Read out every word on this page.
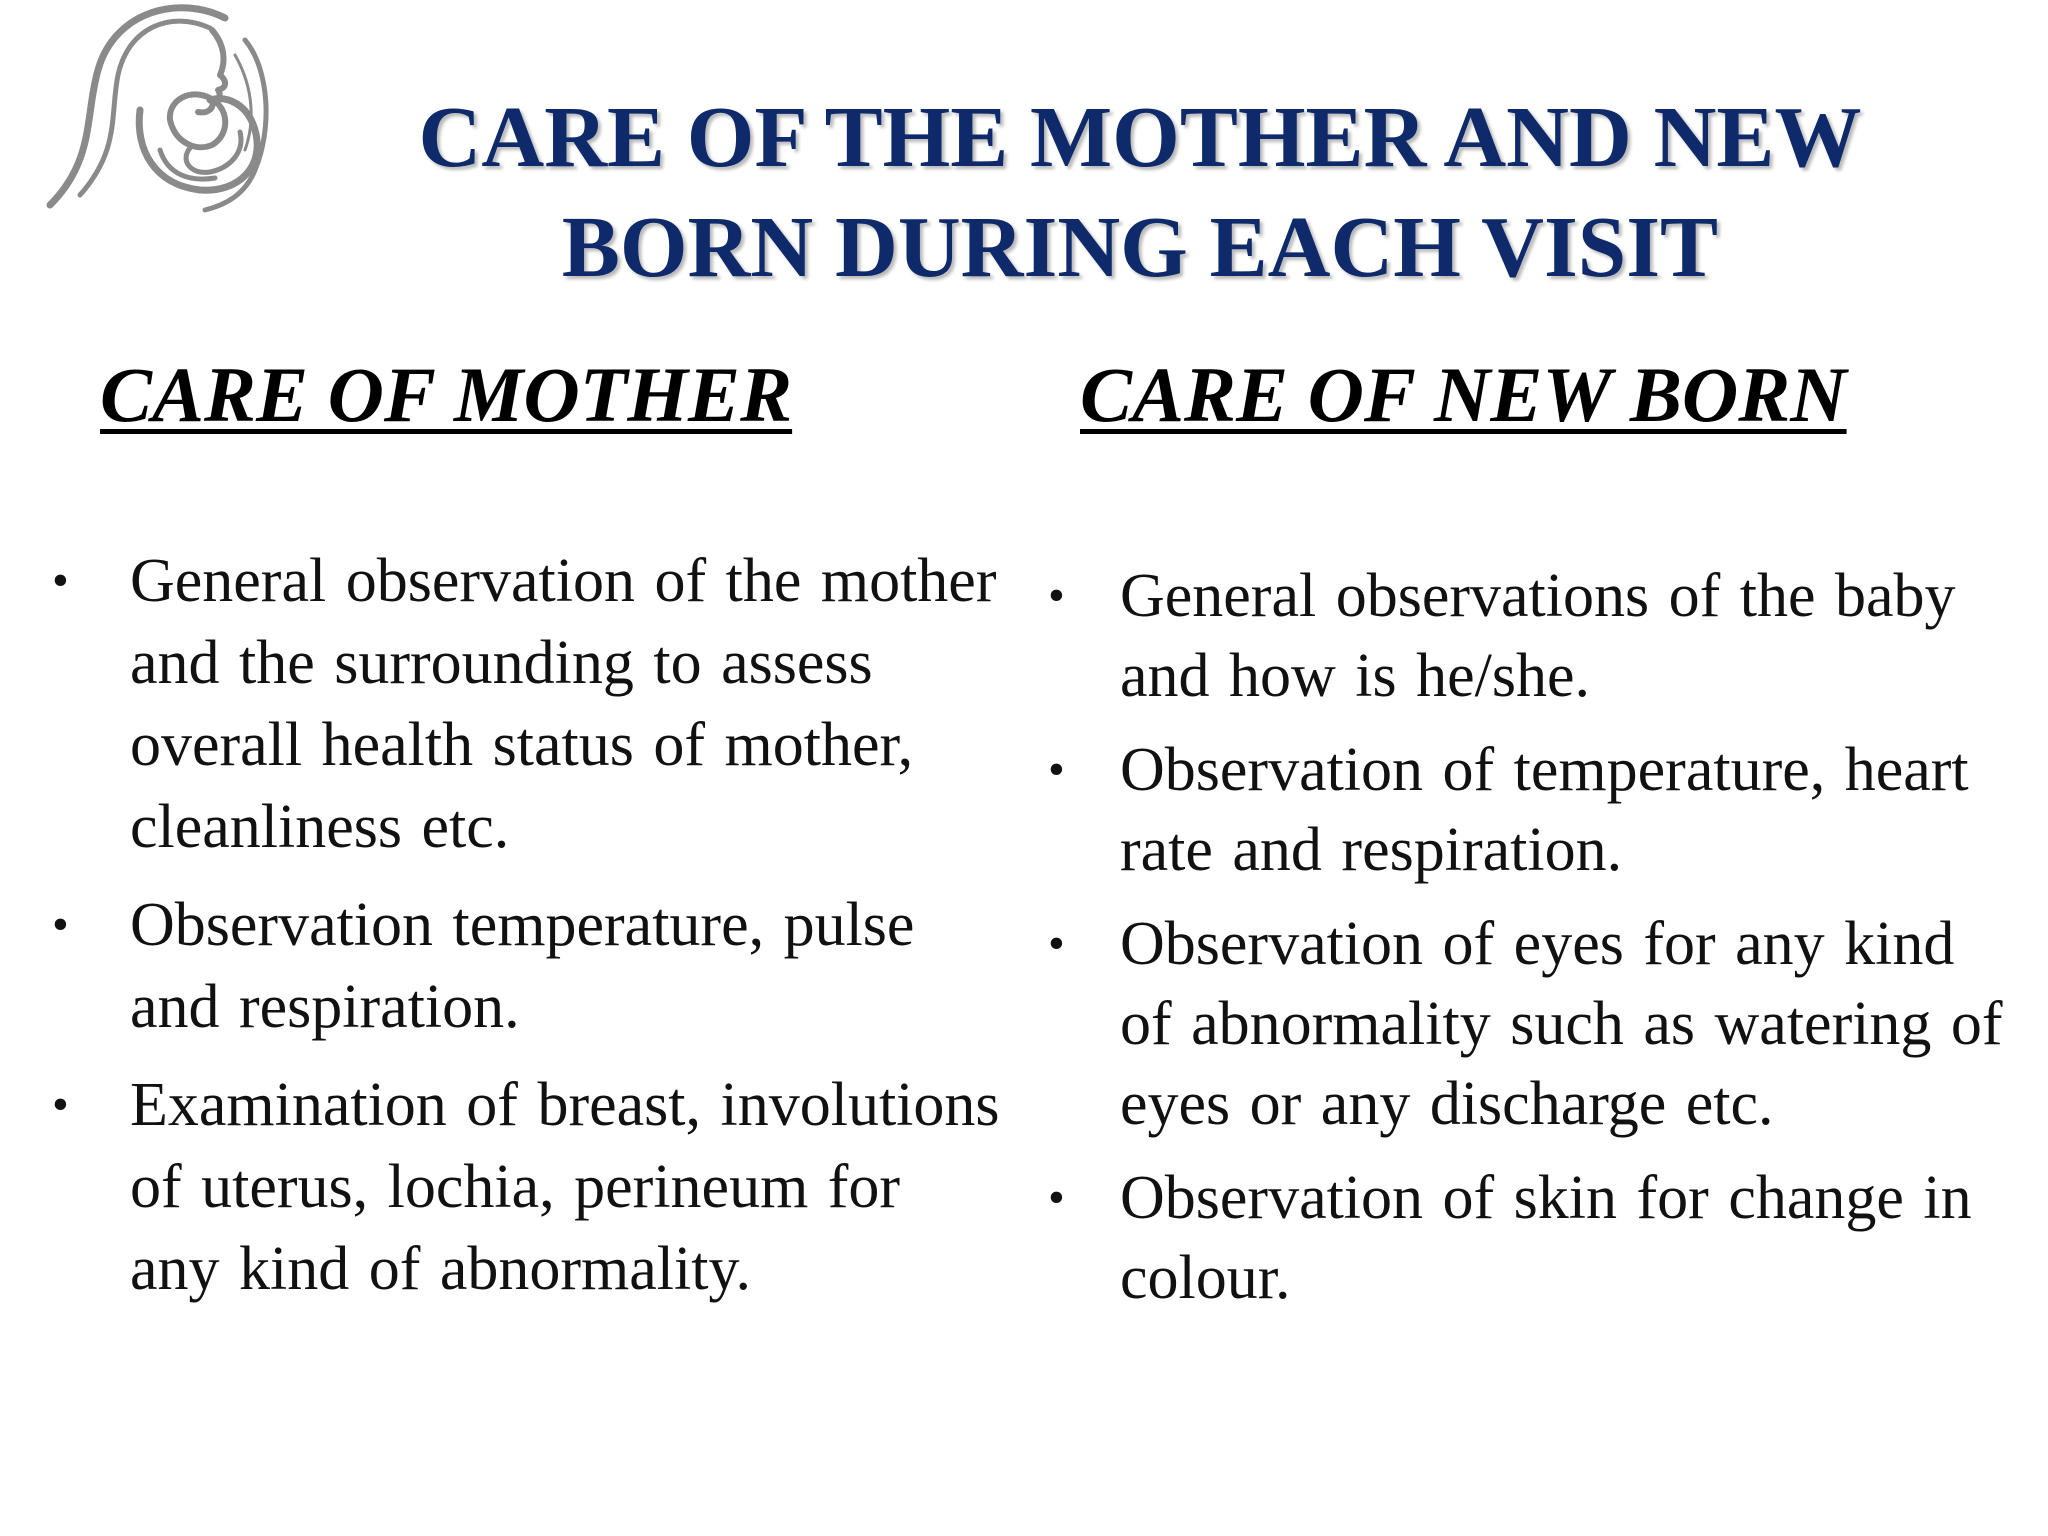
CARE OF THE MOTHER AND NEW
BORN DURING EACH VISIT
CARE OF MOTHER
• General observation of the mother and the surrounding to assess overall health status of mother, cleanliness etc.
• Observation temperature, pulse and respiration.
• Examination of breast, involutions of uterus, lochia, perineum for any kind of abnormality.
CARE OF NEW BORN
• General observations of the baby and how is he/she.
• Observation of temperature, heart rate and respiration.
• Observation of eyes for any kind of abnormality such as watering of eyes or any discharge etc.
• Observation of skin for change in colour.
